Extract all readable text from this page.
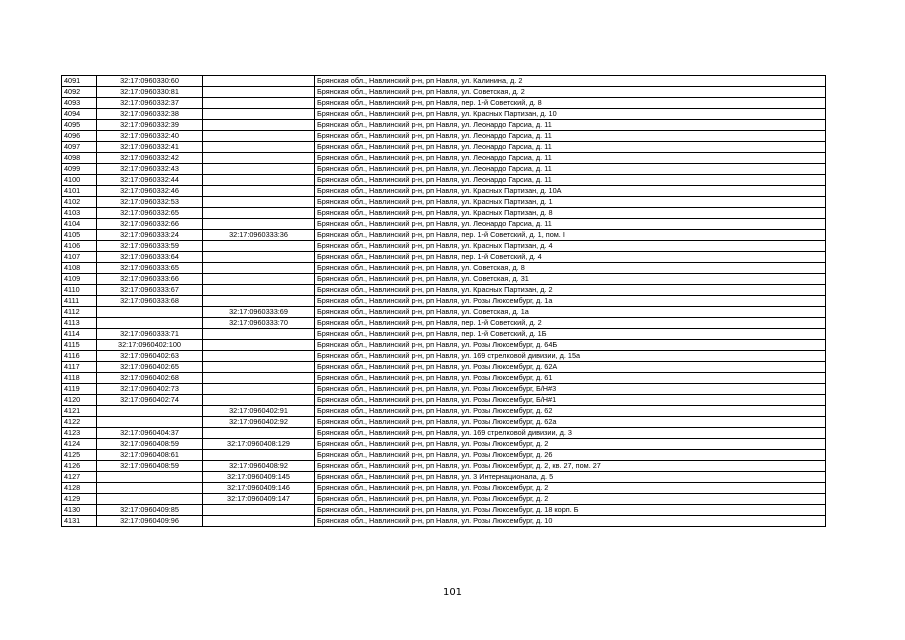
4091	32:17:0960330:60		Брянская обл., Навлинский р-н, рп Навля, ул. Калинина, д. 2
4092	32:17:0960330:81		Брянская обл., Навлинский р-н, рп Навля, ул. Советская, д. 2
4093	32:17:0960332:37		Брянская обл., Навлинский р-н, рп Навля, пер. 1-й Советский, д. 8
4094	32:17:0960332:38		Брянская обл., Навлинский р-н, рп Навля, ул. Красных Партизан, д. 10
4095	32:17:0960332:39		Брянская обл., Навлинский р-н, рп Навля, ул. Леонардо Гарсиа, д. 11
4096	32:17:0960332:40		Брянская обл., Навлинский р-н, рп Навля, ул. Леонардо Гарсиа, д. 11
4097	32:17:0960332:41		Брянская обл., Навлинский р-н, рп Навля, ул. Леонардо Гарсиа, д. 11
4098	32:17:0960332:42		Брянская обл., Навлинский р-н, рп Навля, ул. Леонардо Гарсиа, д. 11
4099	32:17:0960332:43		Брянская обл., Навлинский р-н, рп Навля, ул. Леонардо Гарсиа, д. 11
4100	32:17:0960332:44		Брянская обл., Навлинский р-н, рп Навля, ул. Леонардо Гарсиа, д. 11
4101	32:17:0960332:46		Брянская обл., Навлинский р-н, рп Навля, ул. Красных Партизан, д. 10А
4102	32:17:0960332:53		Брянская обл., Навлинский р-н, рп Навля, ул. Красных Партизан, д. 1
4103	32:17:0960332:65		Брянская обл., Навлинский р-н, рп Навля, ул. Красных Партизан, д. 8
4104	32:17:0960332:66		Брянская обл., Навлинский р-н, рп Навля, ул. Леонардо Гарсиа, д. 11
4105	32:17:0960333:24	32:17:0960333:36	Брянская обл., Навлинский р-н, рп Навля, пер. 1-й Советский, д. 1, пом. I
4106	32:17:0960333:59		Брянская обл., Навлинский р-н, рп Навля, ул. Красных Партизан, д. 4
4107	32:17:0960333:64		Брянская обл., Навлинский р-н, рп Навля, пер. 1-й Советский, д. 4
4108	32:17:0960333:65		Брянская обл., Навлинский р-н, рп Навля, ул. Советская, д. 8
4109	32:17:0960333:66		Брянская обл., Навлинский р-н, рп Навля, ул. Советская, д. 31
4110	32:17:0960333:67		Брянская обл., Навлинский р-н, рп Навля, ул. Красных Партизан, д. 2
4111	32:17:0960333:68		Брянская обл., Навлинский р-н, рп Навля, ул. Розы Люксембург, д. 1а
4112		32:17:0960333:69	Брянская обл., Навлинский р-н, рп Навля, ул. Советская, д. 1а
4113		32:17:0960333:70	Брянская обл., Навлинский р-н, рп Навля, пер. 1-й Советский, д. 2
4114	32:17:0960333:71		Брянская обл., Навлинский р-н, рп Навля, пер. 1-й Советский, д. 1Б
4115	32:17:0960402:100		Брянская обл., Навлинский р-н, рп Навля, ул. Розы Люксембург, д. 64Б
4116	32:17:0960402:63		Брянская обл., Навлинский р-н, рп Навля, ул. 169 стрелковой дивизии, д. 15а
4117	32:17:0960402:65		Брянская обл., Навлинский р-н, рп Навля, ул. Розы Люксембург, д. 62А
4118	32:17:0960402:68		Брянская обл., Навлинский р-н, рп Навля, ул. Розы Люксембург, д. 61
4119	32:17:0960402:73		Брянская обл., Навлинский р-н, рп Навля, ул. Розы Люксембург, Б/Н#3
4120	32:17:0960402:74		Брянская обл., Навлинский р-н, рп Навля, ул. Розы Люксембург, Б/Н#1
4121		32:17:0960402:91	Брянская обл., Навлинский р-н, рп Навля, ул. Розы Люксембург, д. 62
4122		32:17:0960402:92	Брянская обл., Навлинский р-н, рп Навля, ул. Розы Люксембург, д. 62а
4123	32:17:0960404:37		Брянская обл., Навлинский р-н, рп Навля, ул. 169 стрелковой дивизии, д. 3
4124	32:17:0960408:59	32:17:0960408:129	Брянская обл., Навлинский р-н, рп Навля, ул. Розы Люксембург, д. 2
4125	32:17:0960408:61		Брянская обл., Навлинский р-н, рп Навля, ул. Розы Люксембург, д. 26
4126	32:17:0960408:59	32:17:0960408:92	Брянская обл., Навлинский р-н, рп Навля, ул. Розы Люксембург, д. 2, кв. 27, пом. 27
4127		32:17:0960409:145	Брянская обл., Навлинский р-н, рп Навля, ул. 3 Интернационала, д. 5
4128		32:17:0960409:146	Брянская обл., Навлинский р-н, рп Навля, ул. Розы Люксембург, д. 2
4129		32:17:0960409:147	Брянская обл., Навлинский р-н, рп Навля, ул. Розы Люксембург, д. 2
4130	32:17:0960409:85		Брянская обл., Навлинский р-н, рп Навля, ул. Розы Люксембург, д. 18 корп. Б
4131	32:17:0960409:96		Брянская обл., Навлинский р-н, рп Навля, ул. Розы Люксембург, д. 10
101
